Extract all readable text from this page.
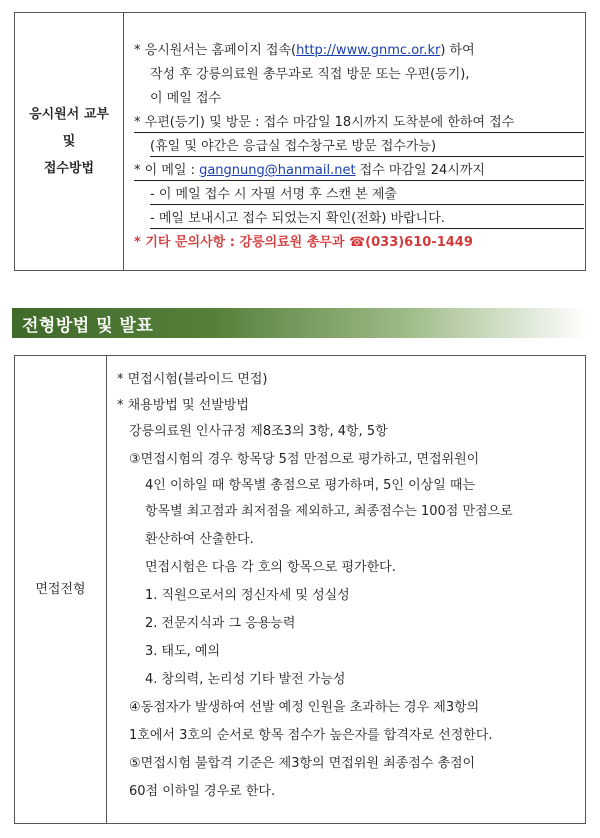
응시원서 교부
및
접수방법
* 응시원서는 홈페이지 접속(http://www.gnmc.or.kr) 하여
작성 후 강릉의료원 총무과로 직접 방문 또는 우편(등기),
이 메일 접수
* 우편(등기) 및 방문 : 접수 마감일 18시까지 도착분에 한하여 접수
(휴일 및 야간은 응급실 접수창구로 방문 접수가능)
* 이 메일 : gangnung@hanmail.net 접수 마감일 24시까지
- 이 메일 접수 시 자필 서명 후 스캔 본 제출
- 메일 보내시고 접수 되었는지 확인(전화) 바랍니다.
* 기타 문의사항 : 강릉의료원 총무과 ☎(033)610-1449
전형방법 및 발표
면접전형
* 면접시험(블라이드 면접)
* 채용방법 및 선발방법
강릉의료원 인사규정 제8조3의 3항, 4항, 5항
③면접시험의 경우 항목당 5점 만점으로 평가하고, 면접위원이
4인 이하일 때 항목별 총점으로 평가하며, 5인 이상일 때는
항목별 최고점과 최저점을 제외하고, 최종점수는 100점 만점으로
환산하여 산출한다.
면접시험은 다음 각 호의 항목으로 평가한다.
1. 직원으로서의 정신자세 및 성실성
2. 전문지식과 그 응용능력
3. 태도, 예의
4. 창의력, 논리성 기타 발전 가능성
④동점자가 발생하여 선발 예정 인원을 초과하는 경우 제3항의
1호에서 3호의 순서로 항목 점수가 높은자를 합격자로 선정한다.
⑤면접시험 불합격 기준은 제3항의 면접위원 최종점수 총점이
60점 이하일 경우로 한다.
